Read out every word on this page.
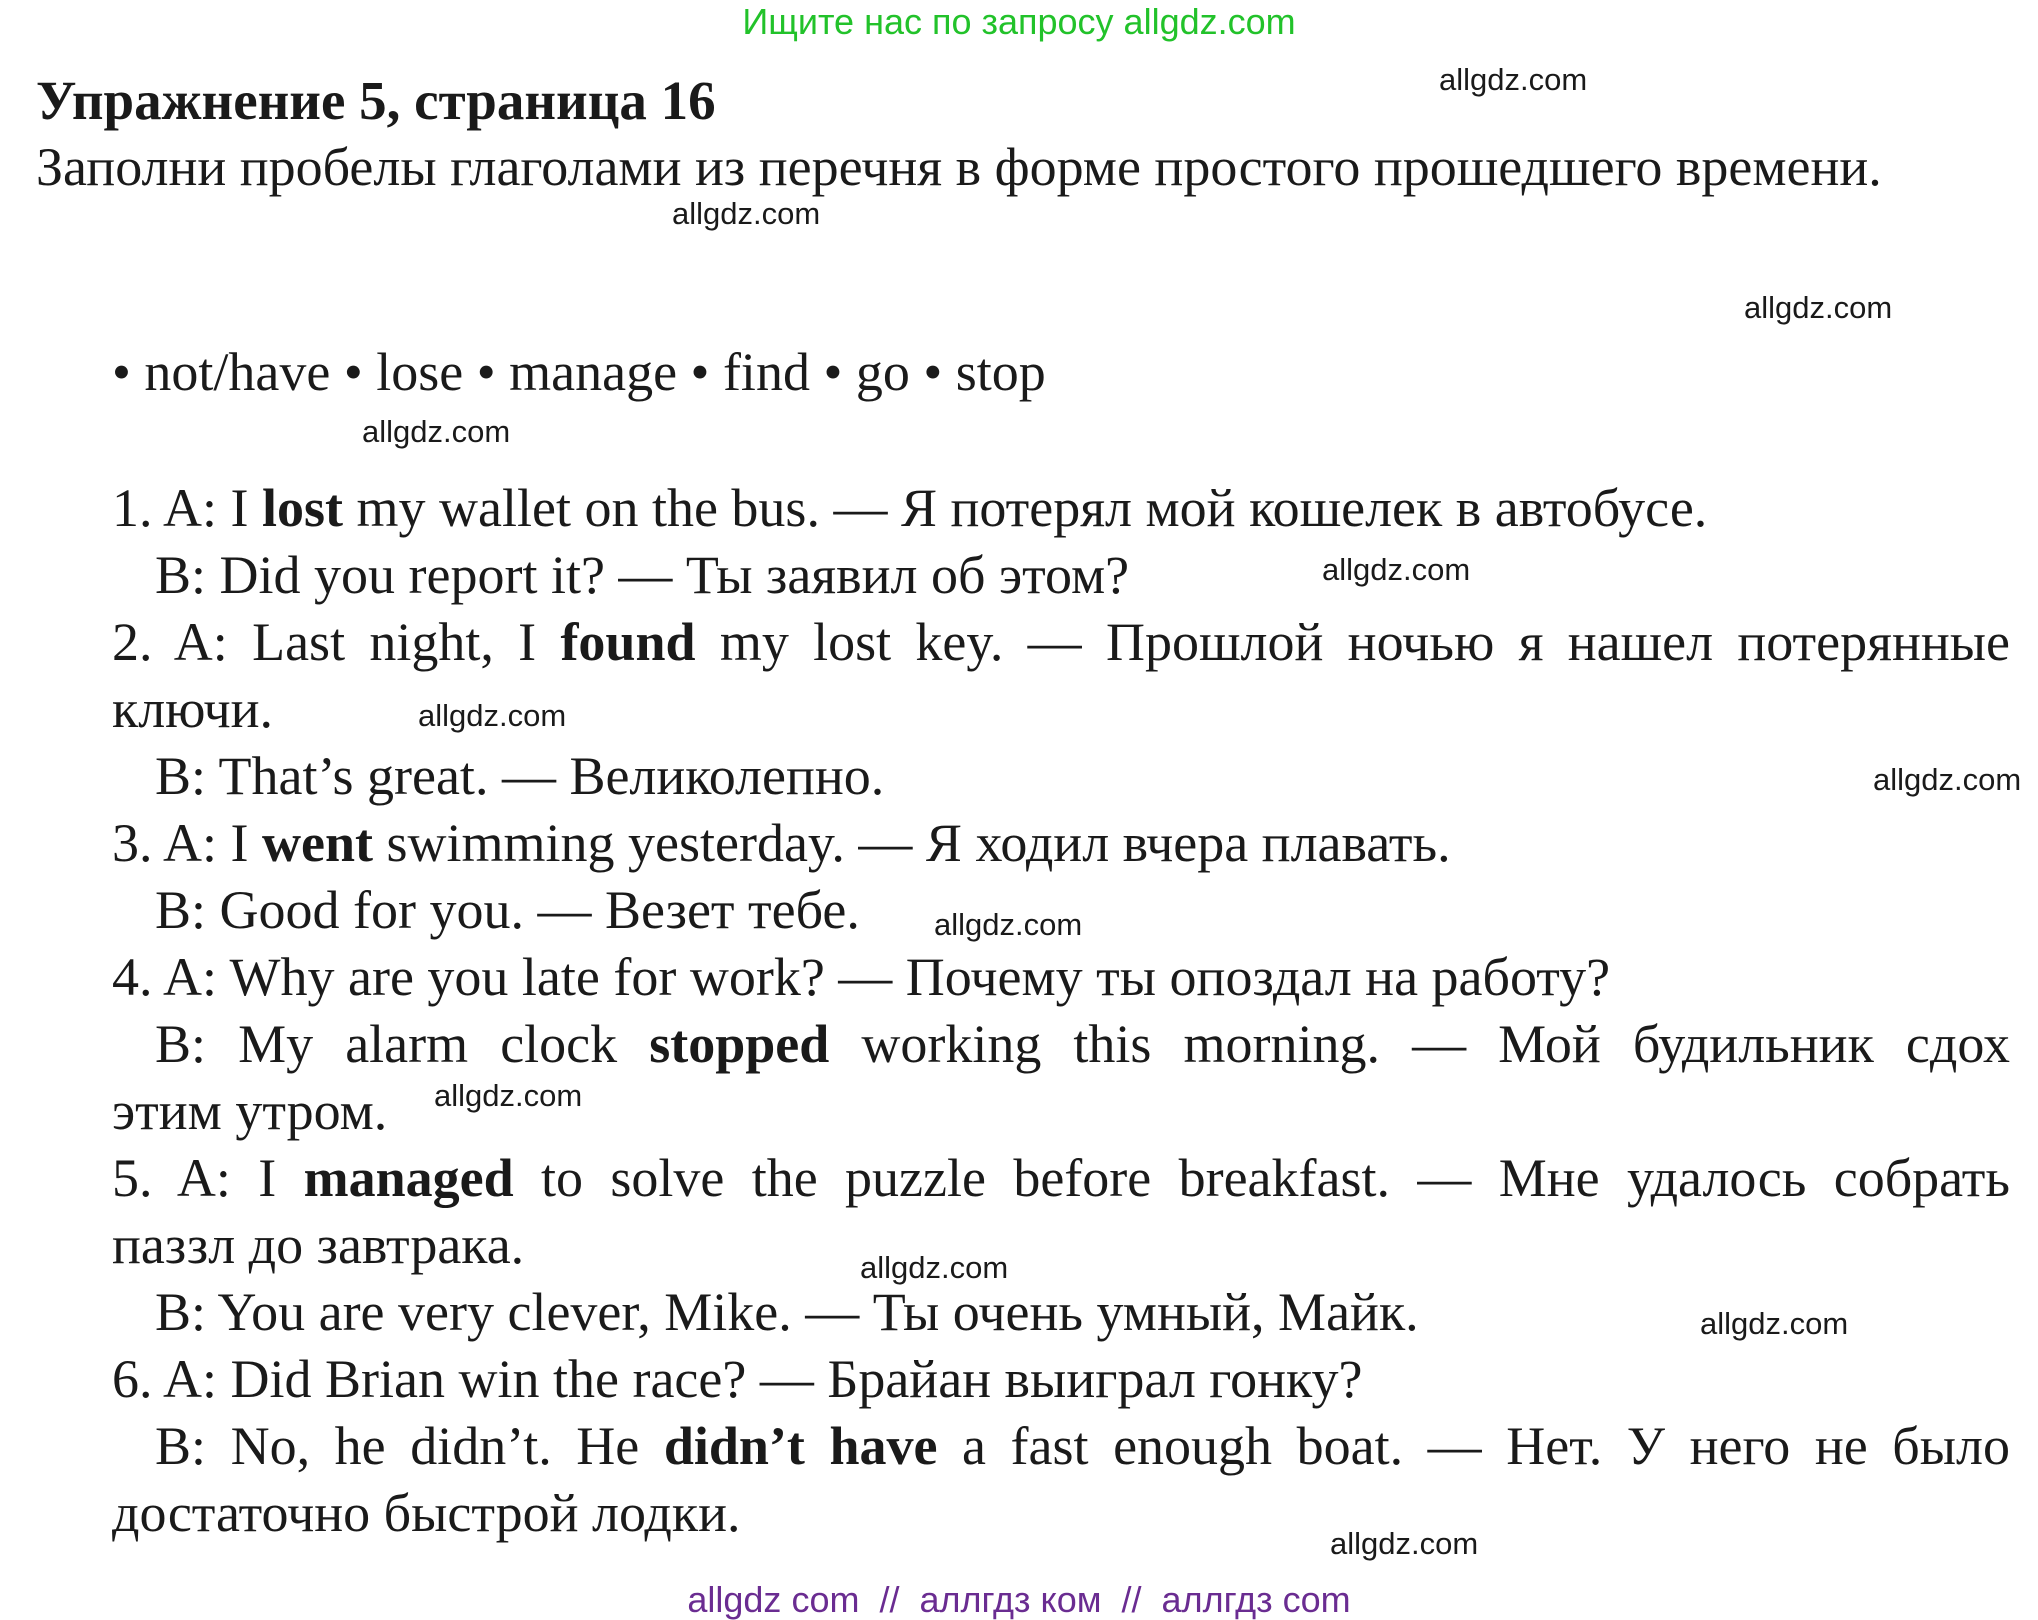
Ищите нас по запросу allgdz.com
Упражнение 5, страница 16

Заполни пробелы глаголами из перечня в форме простого прошедшего времени.

• not/have • lose • manage • find • go • stop

1. A: I lost my wallet on the bus. — Я потерял мой кошелек в автобусе.

B: Did you report it? — Ты заявил об этом?

2. A: Last night, I found my lost key. — Прошлой ночью я нашел потерянные

ключи.

B: That’s great. — Великолепно.

3. A: I went swimming yesterday. — Я ходил вчера плавать.

B: Good for you. — Везет тебе.

4. A: Why are you late for work? — Почему ты опоздал на работу?

B: My alarm clock stopped working this morning. — Мой будильник сдох

этим утром.

5. A: I managed to solve the puzzle before breakfast. — Мне удалось собрать

паззл до завтрака.

B: You are very clever, Mike. — Ты очень умный, Майк.

6. A: Did Brian win the race? — Брайан выиграл гонку?

B: No, he didn’t. He didn’t have a fast enough boat. — Нет. У него не было

достаточно быстрой лодки.

allgdz.com
allgdz.com
allgdz.com
allgdz.com
allgdz.com
allgdz.com
allgdz.com
allgdz.com
allgdz.com
allgdz.com
allgdz.com
allgdz.com
allgdz com // аллгдз ком // аллгдз com
